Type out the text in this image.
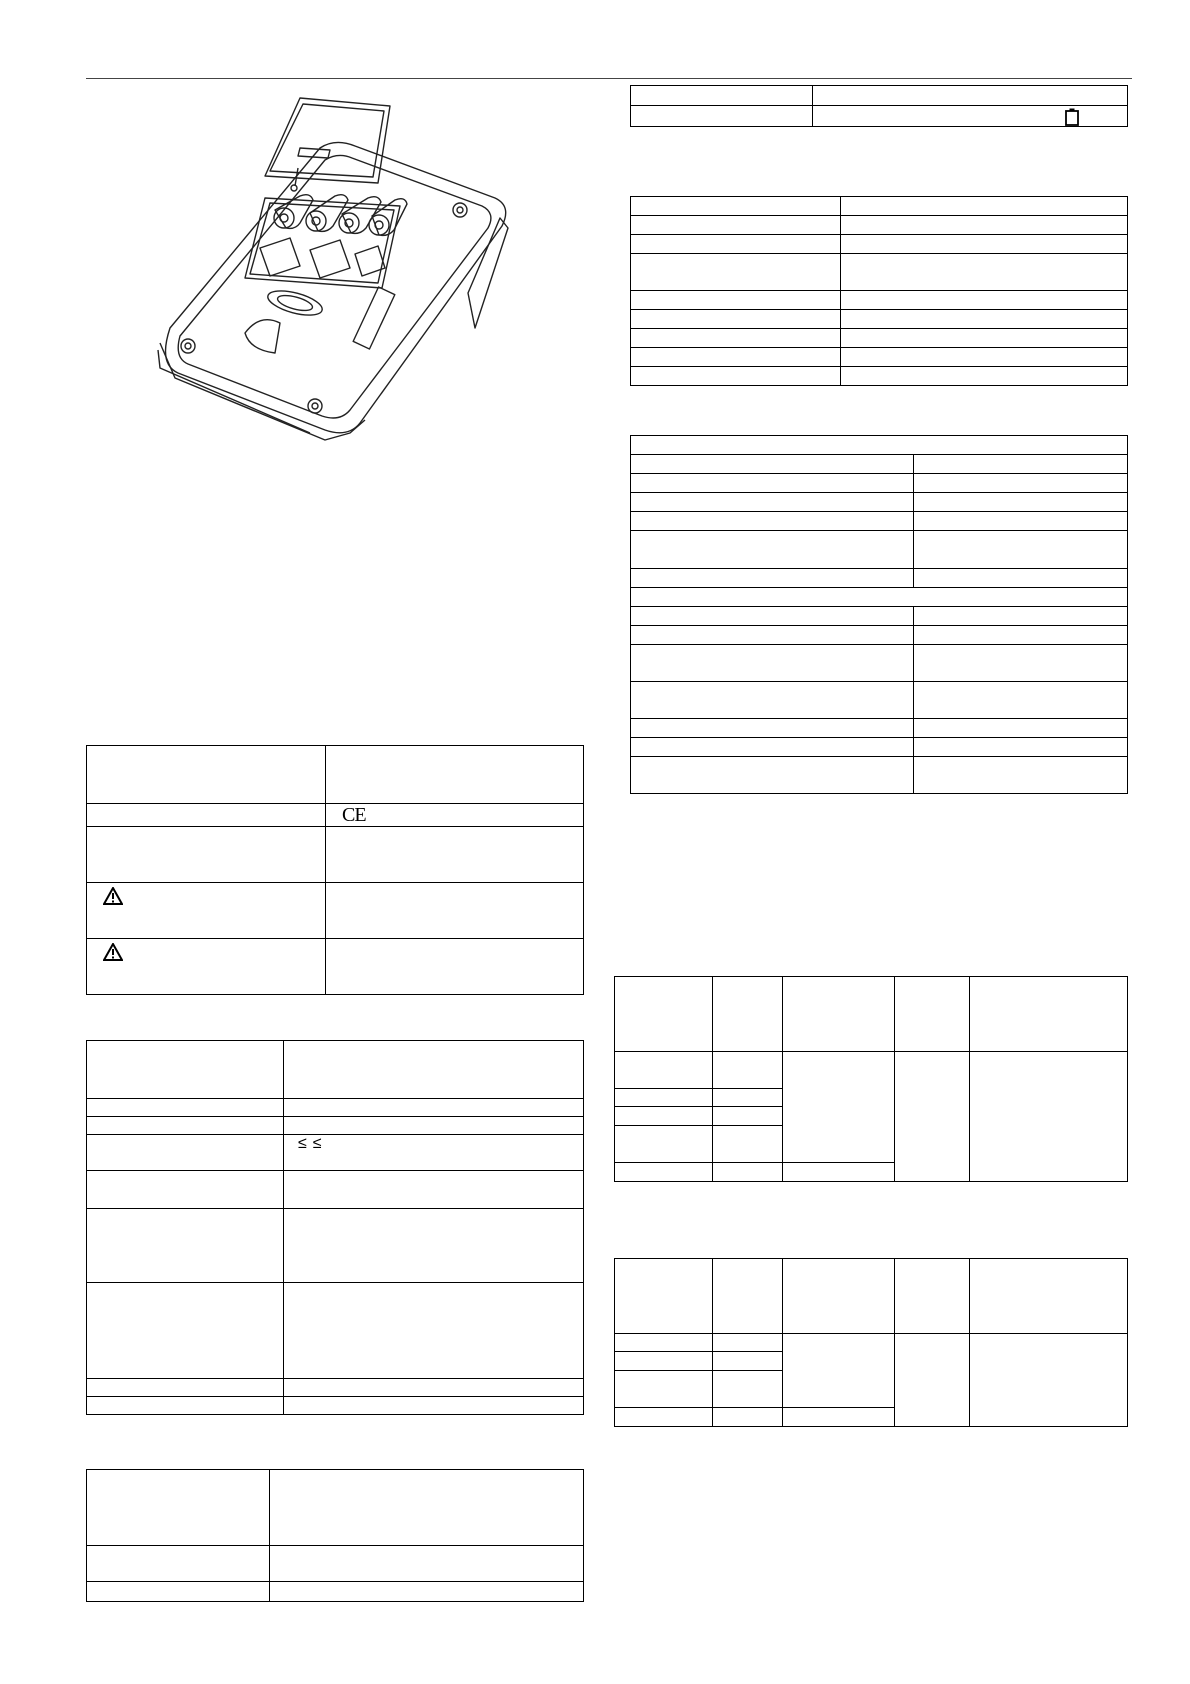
	CE

	≤ ≤
